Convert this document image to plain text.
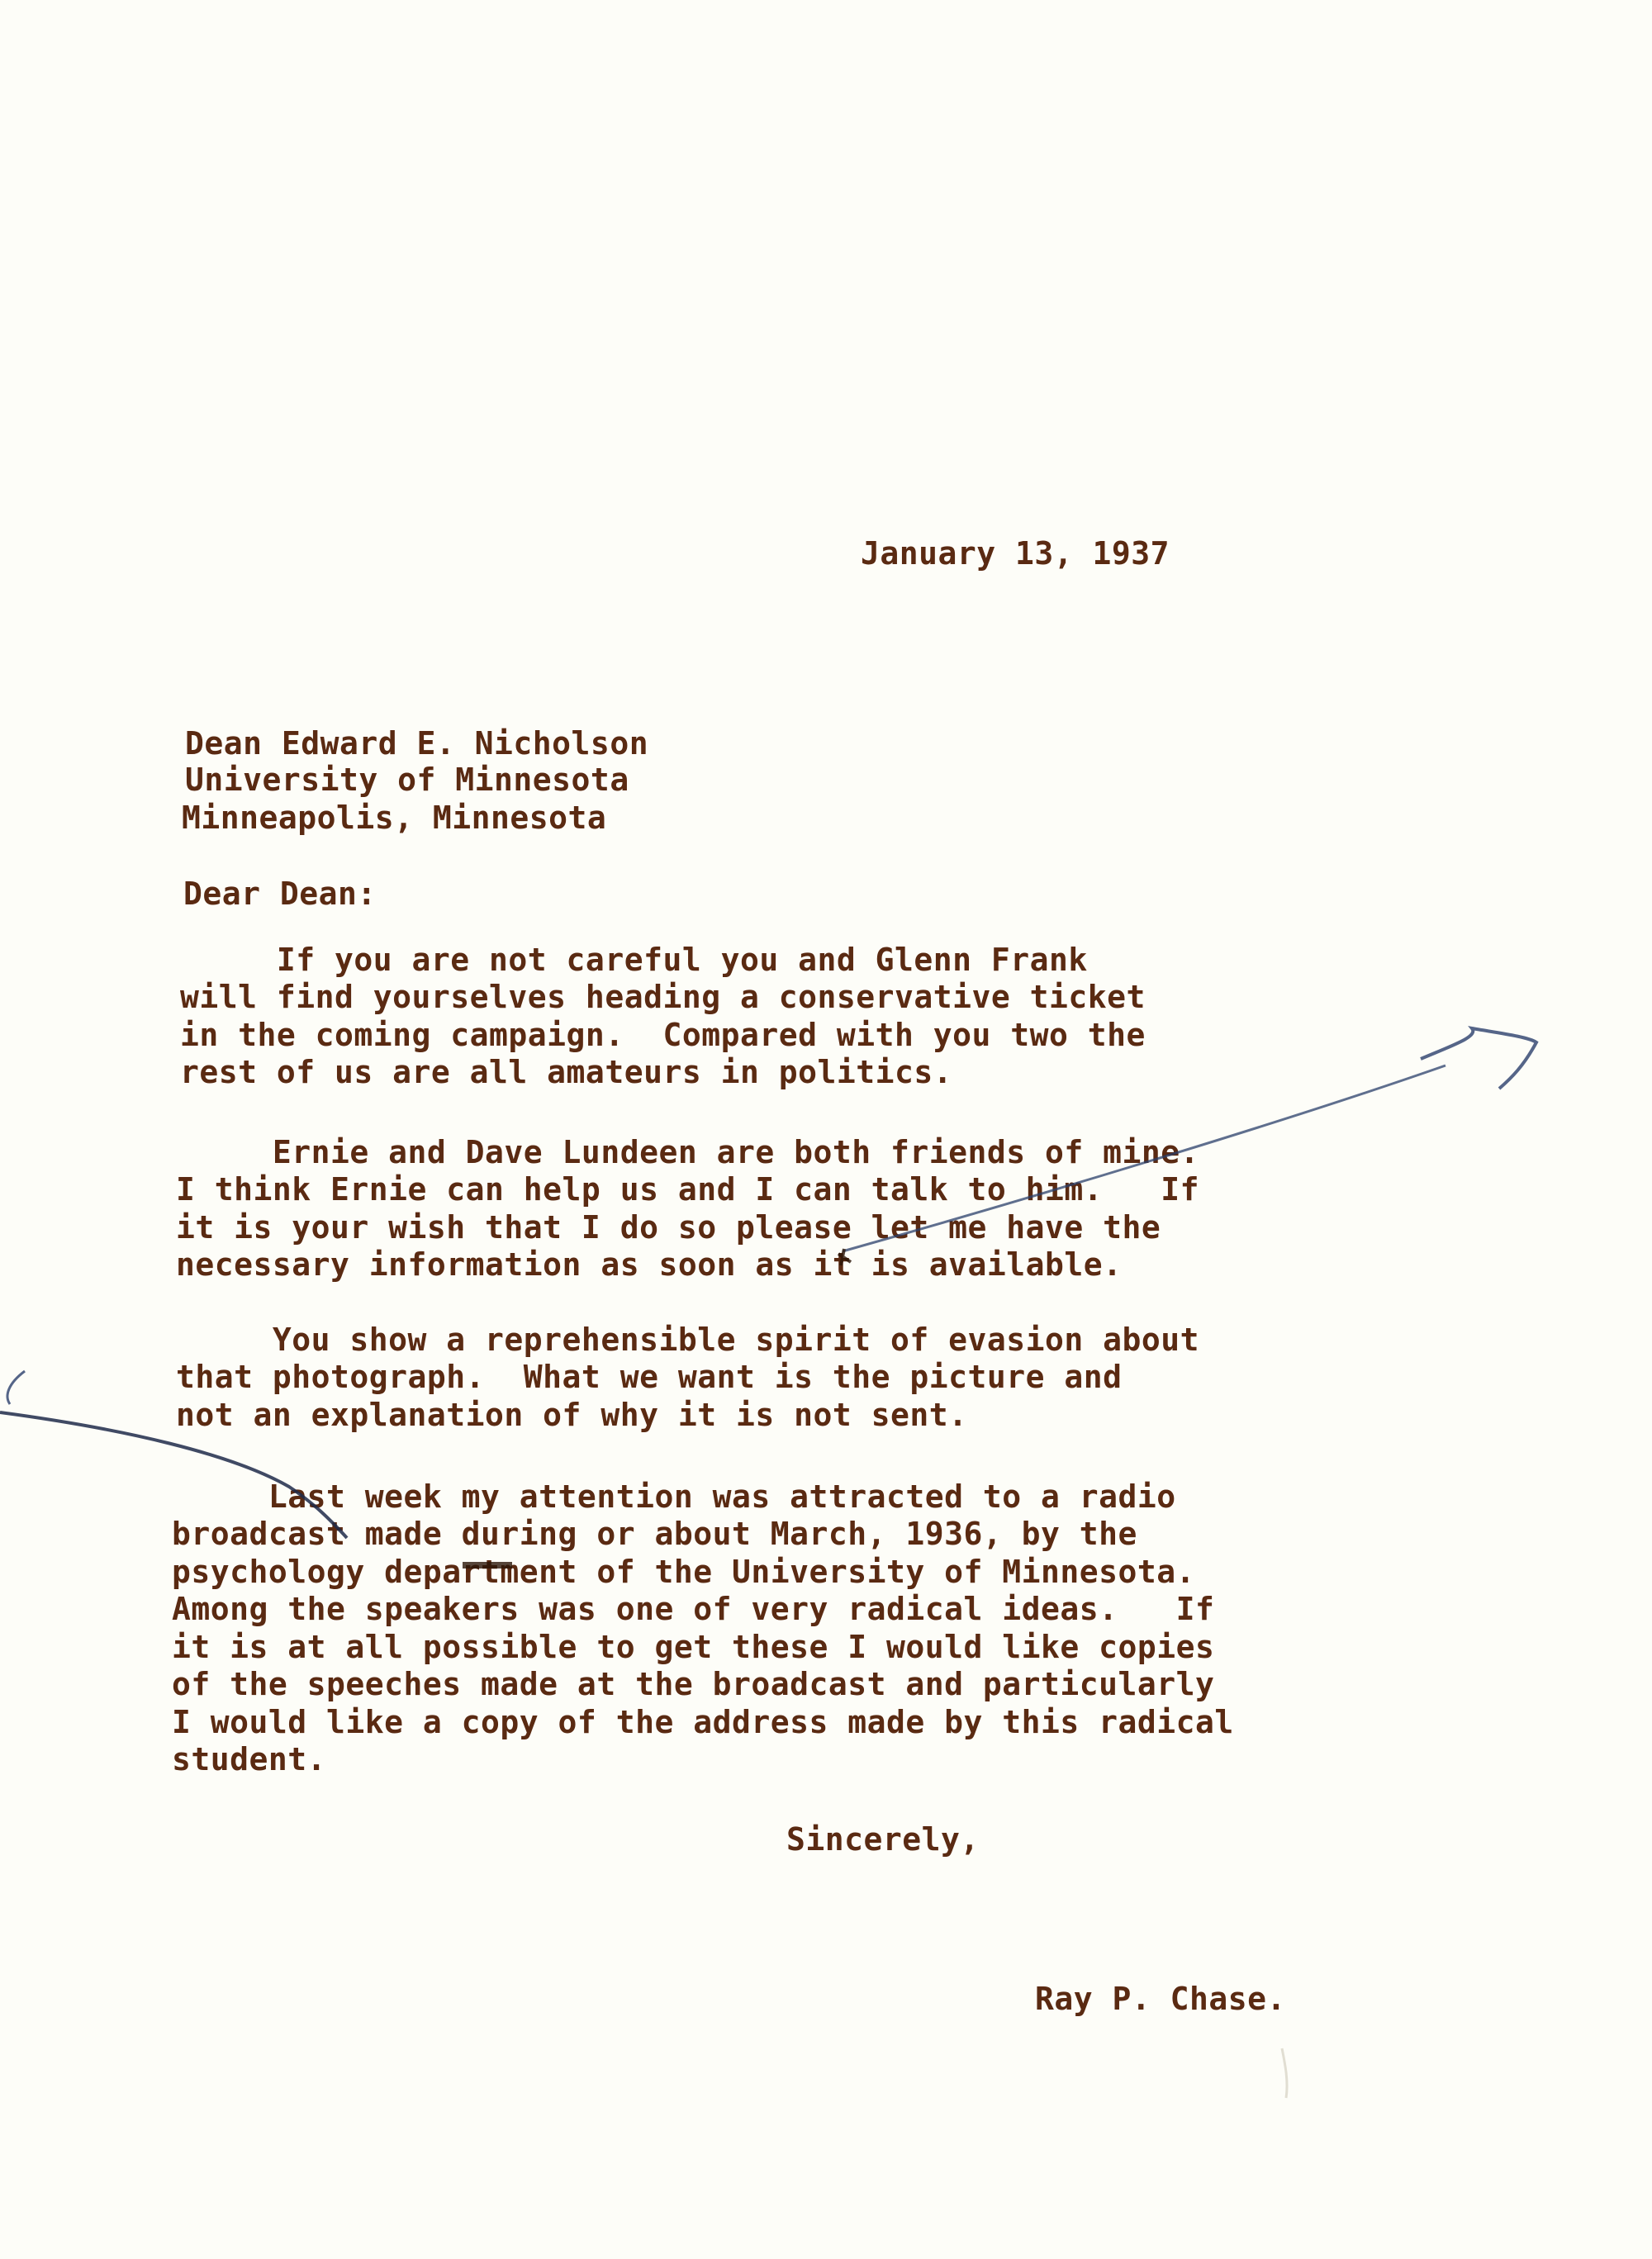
January 13, 1937

Dean Edward E. Nicholson

University of Minnesota

Minneapolis, Minnesota

Dear Dean:

If you are not careful you and Glenn Frank

will find yourselves heading a conservative ticket

in the coming campaign.  Compared with you two the

rest of us are all amateurs in politics.

Ernie and Dave Lundeen are both friends of mine.

I think Ernie can help us and I can talk to him.   If

it is your wish that I do so please let me have the

necessary information as soon as it is available.

You show a reprehensible spirit of evasion about

that photograph.  What we want is the picture and

not an explanation of why it is not sent.

Last week my attention was attracted to a radio

broadcast made during or about March, 1936, by the

psychology department of the University of Minnesota.

Among the speakers was one of very radical ideas.   If

it is at all possible to get these I would like copies

of the speeches made at the broadcast and particularly

I would like a copy of the address made by this radical

student.

Sincerely,
Ray P. Chase.
